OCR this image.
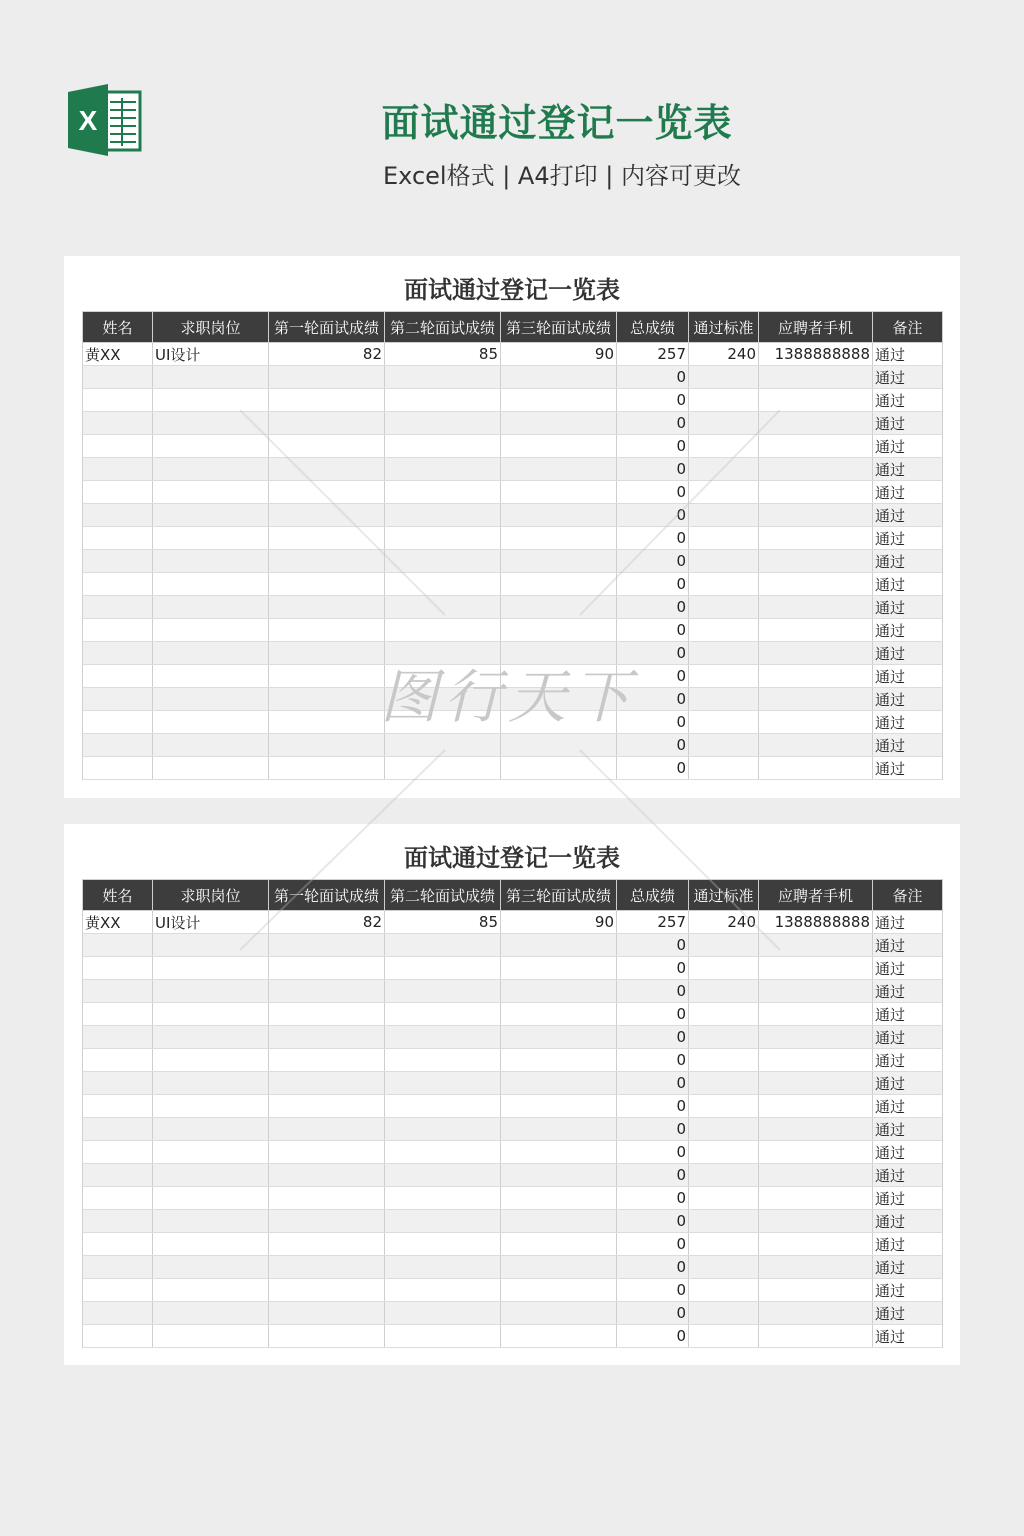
X	面试通过登记一览表
Excel格式 | A4打印 | 内容可更改
面试通过登记一览表
姓名	求职岗位	第一轮面试成绩	第二轮面试成绩	第三轮面试成绩	总成绩	通过标准	应聘者手机	备注
黄XX	UI设计	82	85	90	257	240	1388888888	通过
					0			通过
					0			通过
					0			通过
					0			通过
					0			通过
					0			通过
					0			通过
					0			通过
					0			通过
					0			通过
					0			通过
					0			通过
					0			通过
					0			通过
					0			通过
					0			通过
					0			通过
					0			通过
面试通过登记一览表
姓名	求职岗位	第一轮面试成绩	第二轮面试成绩	第三轮面试成绩	总成绩	通过标准	应聘者手机	备注
黄XX	UI设计	82	85	90	257	240	1388888888	通过
					0			通过
					0			通过
					0			通过
					0			通过
					0			通过
					0			通过
					0			通过
					0			通过
					0			通过
					0			通过
					0			通过
					0			通过
					0			通过
					0			通过
					0			通过
					0			通过
					0			通过
					0			通过
图行天下
